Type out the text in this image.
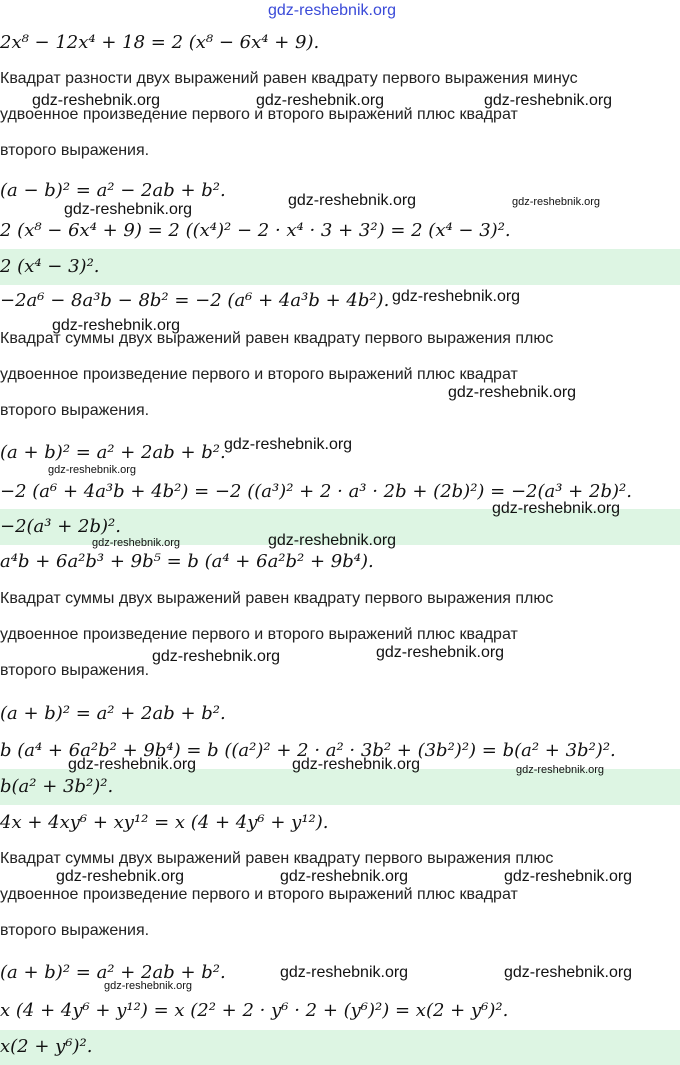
gdz-reshebnik.org
2x⁸ − 12x⁴ + 18 = 2 (x⁸ − 6x⁴ + 9).
Квадрат разности двух выражений равен квадрату первого выражения минус
удвоенное произведение первого и второго выражений плюс квадрат
второго выражения.
(a − b)² = a² − 2ab + b².
2 (x⁸ − 6x⁴ + 9) = 2 ((x⁴)² − 2 · x⁴ · 3 + 3²) = 2 (x⁴ − 3)².
2 (x⁴ − 3)².
−2a⁶ − 8a³b − 8b² = −2 (a⁶ + 4a³b + 4b²).
Квадрат суммы двух выражений равен квадрату первого выражения плюс
удвоенное произведение первого и второго выражений плюс квадрат
второго выражения.
(a + b)² = a² + 2ab + b².
−2 (a⁶ + 4a³b + 4b²) = −2 ((a³)² + 2 · a³ · 2b + (2b)²) = −2(a³ + 2b)².
−2(a³ + 2b)².
a⁴b + 6a²b³ + 9b⁵ = b (a⁴ + 6a²b² + 9b⁴).
Квадрат суммы двух выражений равен квадрату первого выражения плюс
удвоенное произведение первого и второго выражений плюс квадрат
второго выражения.
(a + b)² = a² + 2ab + b².
b (a⁴ + 6a²b² + 9b⁴) = b ((a²)² + 2 · a² · 3b² + (3b²)²) = b(a² + 3b²)².
b(a² + 3b²)².
4x + 4xy⁶ + xy¹² = x (4 + 4y⁶ + y¹²).
Квадрат суммы двух выражений равен квадрату первого выражения плюс
удвоенное произведение первого и второго выражений плюс квадрат
второго выражения.
(a + b)² = a² + 2ab + b².
x (4 + 4y⁶ + y¹²) = x (2² + 2 · y⁶ · 2 + (y⁶)²) = x(2 + y⁶)².
x(2 + y⁶)².
gdz-reshebnik.org	gdz-reshebnik.org	gdz-reshebnik.org
gdz-reshebnik.org	gdz-reshebnik.org
gdz-reshebnik.org
gdz-reshebnik.org
gdz-reshebnik.org
gdz-reshebnik.org
gdz-reshebnik.org
gdz-reshebnik.org
gdz-reshebnik.org
gdz-reshebnik.org
gdz-reshebnik.org
gdz-reshebnik.org
gdz-reshebnik.org
gdz-reshebnik.org	gdz-reshebnik.org	gdz-reshebnik.org
gdz-reshebnik.org	gdz-reshebnik.org	gdz-reshebnik.org
gdz-reshebnik.org	gdz-reshebnik.org
gdz-reshebnik.org
